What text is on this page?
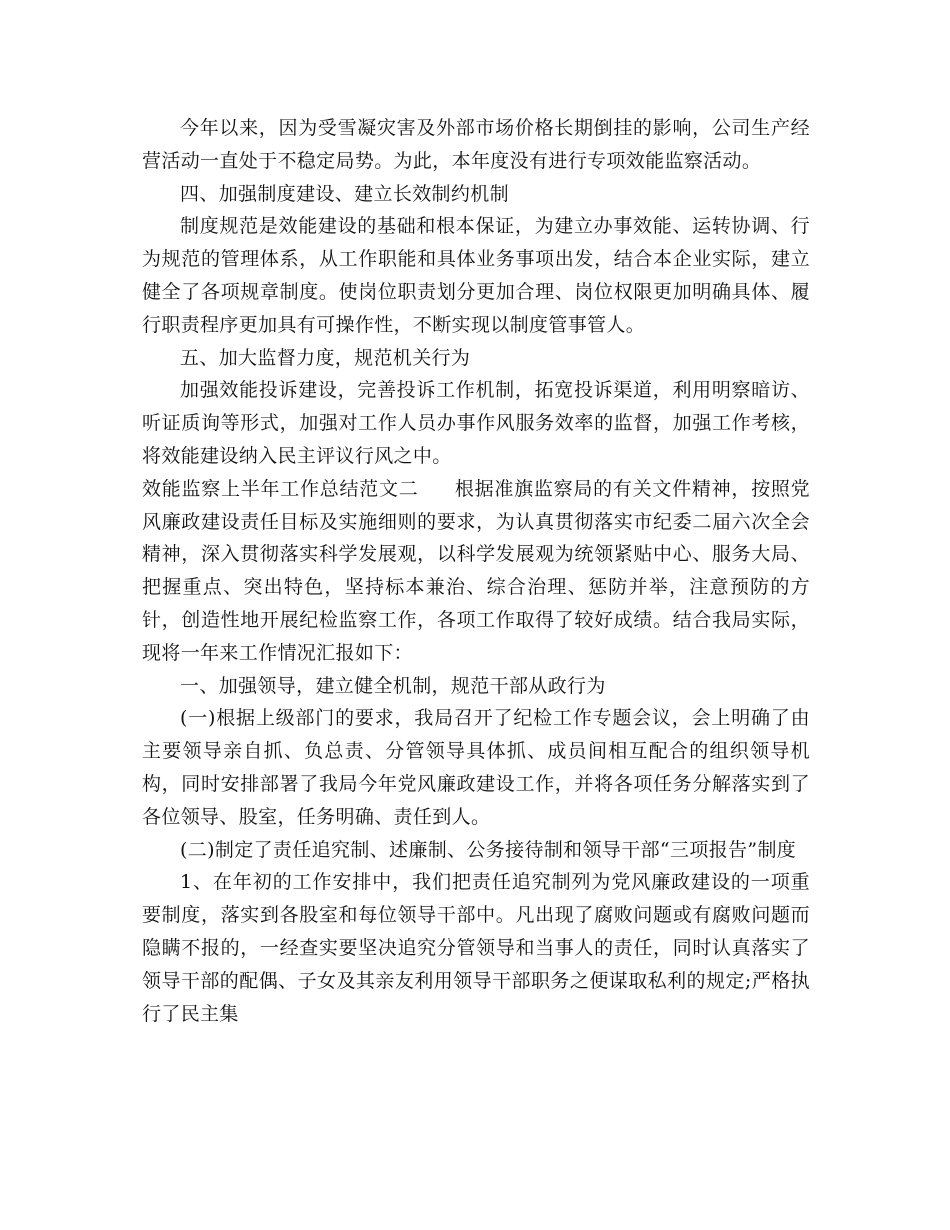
今年以来，因为受雪凝灾害及外部市场价格长期倒挂的影响，公司生产经营活动一直处于不稳定局势。为此，本年度没有进行专项效能监察活动。

四、加强制度建设、建立长效制约机制

制度规范是效能建设的基础和根本保证，为建立办事效能、运转协调、行为规范的管理体系，从工作职能和具体业务事项出发，结合本企业实际，建立健全了各项规章制度。使岗位职责划分更加合理、岗位权限更加明确具体、履行职责程序更加具有可操作性，不断实现以制度管事管人。

五、加大监督力度，规范机关行为

加强效能投诉建设，完善投诉工作机制，拓宽投诉渠道，利用明察暗访、听证质询等形式，加强对工作人员办事作风服务效率的监督，加强工作考核，将效能建设纳入民主评议行风之中。

效能监察上半年工作总结范文二 根据准旗监察局的有关文件精神，按照党风廉政建设责任目标及实施细则的要求，为认真贯彻落实市纪委二届六次全会精神，深入贯彻落实科学发展观，以科学发展观为统领紧贴中心、服务大局、把握重点、突出特色，坚持标本兼治、综合治理、惩防并举，注意预防的方针，创造性地开展纪检监察工作，各项工作取得了较好成绩。结合我局实际，现将一年来工作情况汇报如下：

一、加强领导，建立健全机制，规范干部从政行为

(一)根据上级部门的要求，我局召开了纪检工作专题会议，会上明确了由主要领导亲自抓、负总责、分管领导具体抓、成员间相互配合的组织领导机构，同时安排部署了我局今年党风廉政建设工作，并将各项任务分解落实到了各位领导、股室，任务明确、责任到人。

(二)制定了责任追究制、述廉制、公务接待制和领导干部“三项报告”制度

1、在年初的工作安排中，我们把责任追究制列为党风廉政建设的一项重要制度，落实到各股室和每位领导干部中。凡出现了腐败问题或有腐败问题而隐瞒不报的，一经查实要坚决追究分管领导和当事人的责任，同时认真落实了领导干部的配偶、子女及其亲友利用领导干部职务之便谋取私利的规定;严格执行了民主集
